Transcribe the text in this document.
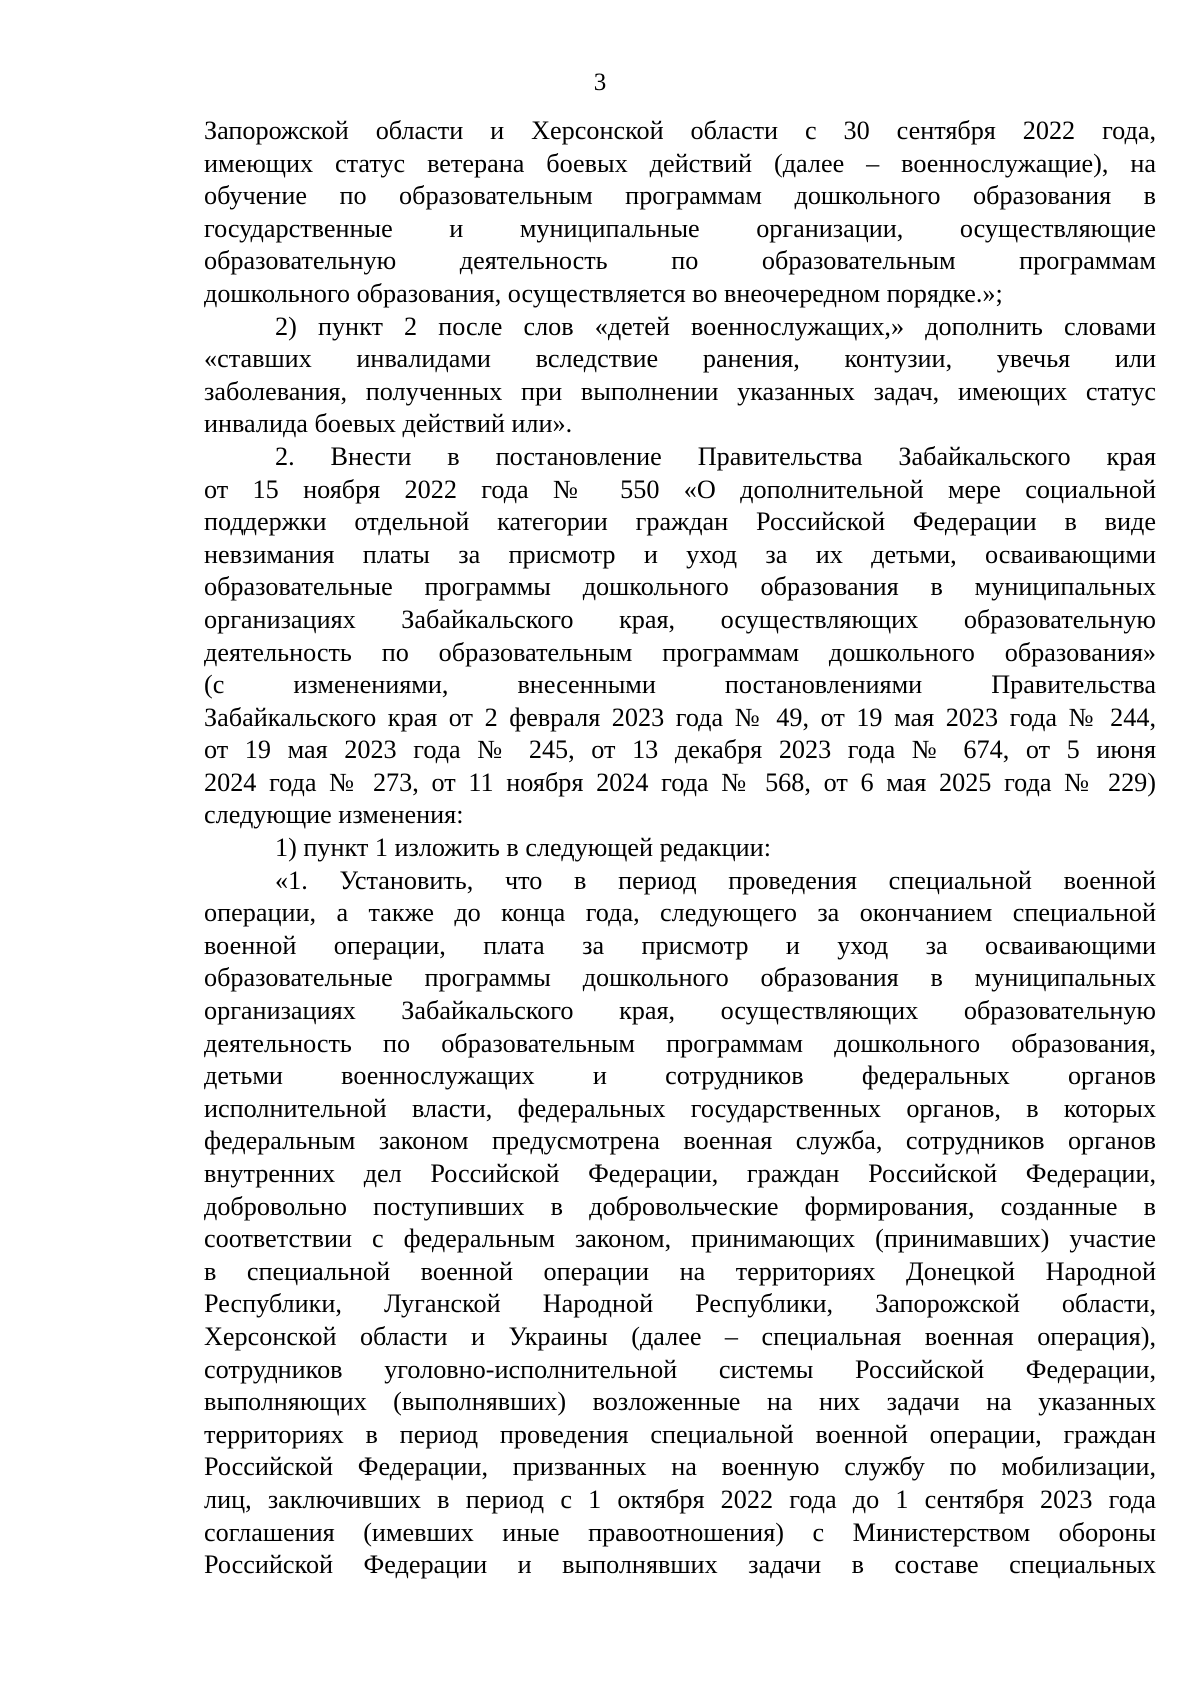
3
Запорожской области и Херсонской области с 30 сентября 2022 года,
имеющих статус ветерана боевых действий (далее – военнослужащие), на
обучение по образовательным программам дошкольного образования в
государственные и муниципальные организации, осуществляющие
образовательную деятельность по образовательным программам
дошкольного образования, осуществляется во внеочередном порядке.»;
2) пункт 2 после слов «детей военнослужащих,» дополнить словами
«ставших инвалидами вследствие ранения, контузии, увечья или
заболевания, полученных при выполнении указанных задач, имеющих статус
инвалида боевых действий или».
2. Внести в постановление Правительства Забайкальского края
от 15 ноября 2022 года № 550 «О дополнительной мере социальной
поддержки отдельной категории граждан Российской Федерации в виде
невзимания платы за присмотр и уход за их детьми, осваивающими
образовательные программы дошкольного образования в муниципальных
организациях Забайкальского края, осуществляющих образовательную
деятельность по образовательным программам дошкольного образования»
(с изменениями, внесенными постановлениями Правительства
Забайкальского края от 2 февраля 2023 года № 49, от 19 мая 2023 года № 244,
от 19 мая 2023 года № 245, от 13 декабря 2023 года № 674, от 5 июня
2024 года № 273, от 11 ноября 2024 года № 568, от 6 мая 2025 года № 229)
следующие изменения:
1) пункт 1 изложить в следующей редакции:
«1. Установить, что в период проведения специальной военной
операции, а также до конца года, следующего за окончанием специальной
военной операции, плата за присмотр и уход за осваивающими
образовательные программы дошкольного образования в муниципальных
организациях Забайкальского края, осуществляющих образовательную
деятельность по образовательным программам дошкольного образования,
детьми военнослужащих и сотрудников федеральных органов
исполнительной власти, федеральных государственных органов, в которых
федеральным законом предусмотрена военная служба, сотрудников органов
внутренних дел Российской Федерации, граждан Российской Федерации,
добровольно поступивших в добровольческие формирования, созданные в
соответствии с федеральным законом, принимающих (принимавших) участие
в специальной военной операции на территориях Донецкой Народной
Республики, Луганской Народной Республики, Запорожской области,
Херсонской области и Украины (далее – специальная военная операция),
сотрудников уголовно-исполнительной системы Российской Федерации,
выполняющих (выполнявших) возложенные на них задачи на указанных
территориях в период проведения специальной военной операции, граждан
Российской Федерации, призванных на военную службу по мобилизации,
лиц, заключивших в период с 1 октября 2022 года до 1 сентября 2023 года
соглашения (имевших иные правоотношения) с Министерством обороны
Российской Федерации и выполнявших задачи в составе специальных
